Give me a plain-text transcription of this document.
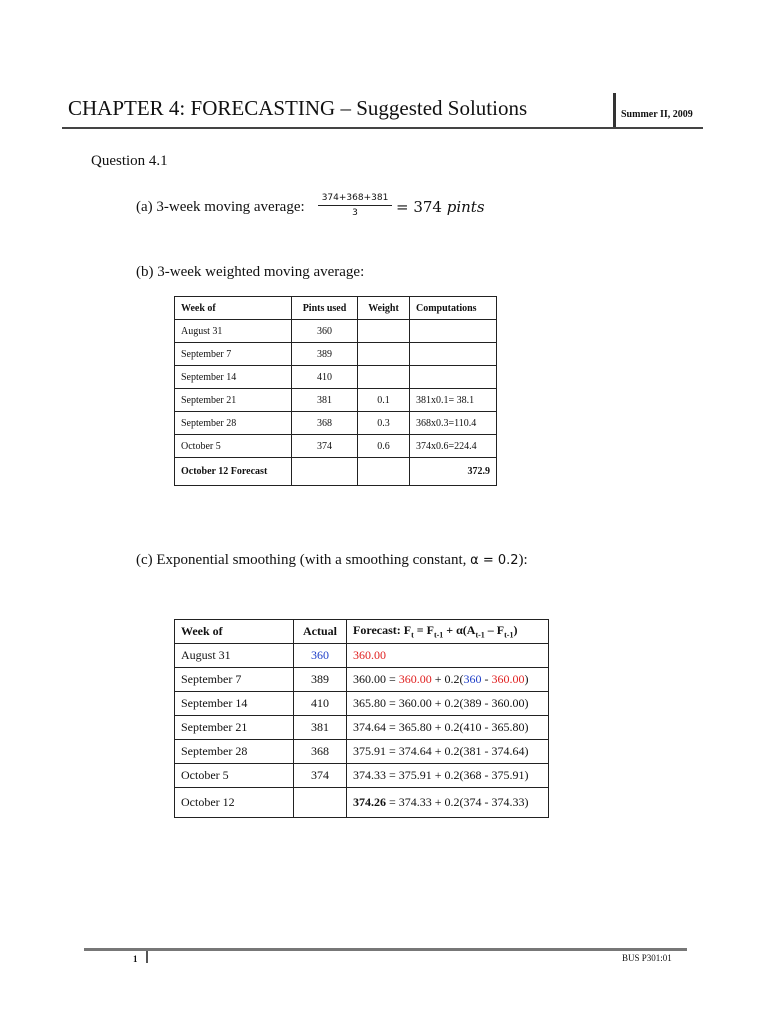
CHAPTER 4: FORECASTING – Suggested Solutions	Summer II, 2009
Question 4.1
(a) 3-week moving average: $\frac{374+368+381}{3} = 374$ pints
(b) 3-week weighted moving average:
Week of	Pints used	Weight	Computations
August 31	360		
September 7	389		
September 14	410		
September 21	381	0.1	381x0.1= 38.1
September 28	368	0.3	368x0.3=110.4
October 5	374	0.6	374x0.6=224.4
October 12 Forecast			372.9
(c) Exponential smoothing (with a smoothing constant, α = 0.2):
Week of	Actual	Forecast: $F_t = F_{t-1} + \alpha(A_{t-1} - F_{t-1})$
August 31	360	360.00
September 7	389	360.00 = 360.00 + 0.2(360 - 360.00)
September 14	410	365.80 = 360.00 + 0.2(389 - 360.00)
September 21	381	374.64 = 365.80 + 0.2(410 - 365.80)
September 28	368	375.91 = 374.64 + 0.2(381 - 374.64)
October 5	374	374.33 = 375.91 + 0.2(368 - 375.91)
October 12		374.26 = 374.33 + 0.2(374 - 374.33)
1	BUS P301:01
